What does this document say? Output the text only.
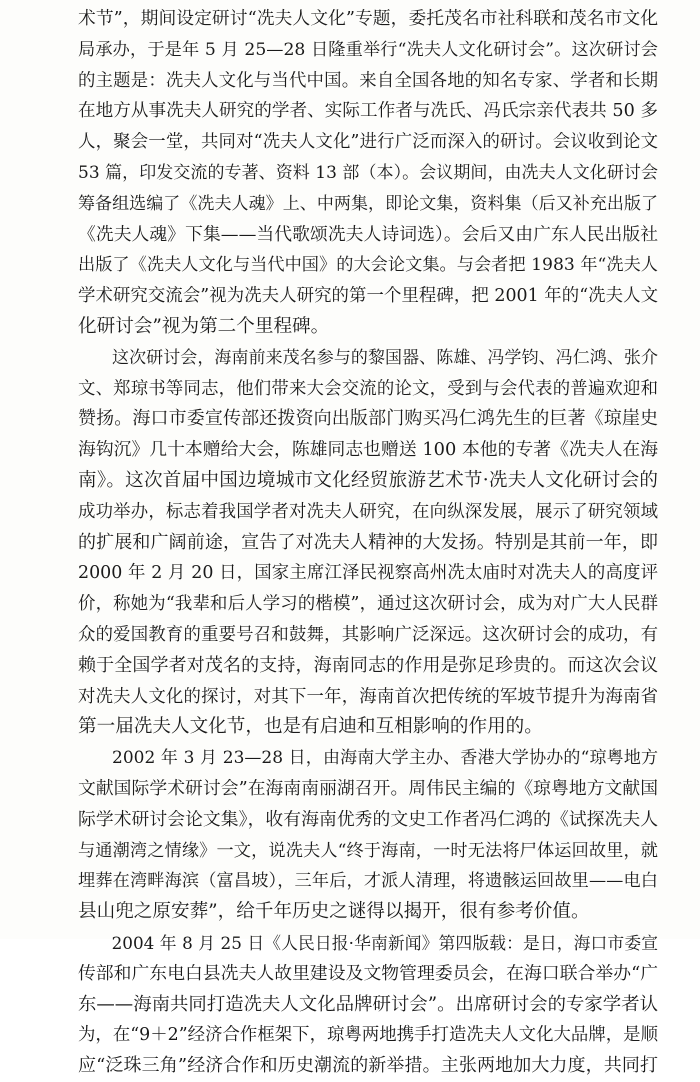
术节”，期间设定研讨“冼夫人文化”专题，委托茂名市社科联和茂名市文化
局承办，于是年 5 月 25—28 日隆重举行“冼夫人文化研讨会”。这次研讨会
的主题是：冼夫人文化与当代中国。来自全国各地的知名专家、学者和长期
在地方从事冼夫人研究的学者、实际工作者与冼氏、冯氏宗亲代表共 50 多
人，聚会一堂，共同对“冼夫人文化”进行广泛而深入的研讨。会议收到论文
53 篇，印发交流的专著、资料 13 部（本）。会议期间，由冼夫人文化研讨会
筹备组选编了《冼夫人魂》上、中两集，即论文集，资料集（后又补充出版了
《冼夫人魂》下集——当代歌颂冼夫人诗词选）。会后又由广东人民出版社
出版了《冼夫人文化与当代中国》的大会论文集。与会者把 1983 年“冼夫人
学术研究交流会”视为冼夫人研究的第一个里程碑，把 2001 年的“冼夫人文
化研讨会”视为第二个里程碑。
这次研讨会，海南前来茂名参与的黎国器、陈雄、冯学钧、冯仁鸿、张介
文、郑琼书等同志，他们带来大会交流的论文，受到与会代表的普遍欢迎和
赞扬。海口市委宣传部还拨资向出版部门购买冯仁鸿先生的巨著《琼崖史
海钩沉》几十本赠给大会，陈雄同志也赠送 100 本他的专著《冼夫人在海
南》。这次首届中国边境城市文化经贸旅游艺术节·冼夫人文化研讨会的
成功举办，标志着我国学者对冼夫人研究，在向纵深发展，展示了研究领域
的扩展和广阔前途，宣告了对冼夫人精神的大发扬。特别是其前一年，即
2000 年 2 月 20 日，国家主席江泽民视察高州冼太庙时对冼夫人的高度评
价，称她为“我辈和后人学习的楷模”，通过这次研讨会，成为对广大人民群
众的爱国教育的重要号召和鼓舞，其影响广泛深远。这次研讨会的成功，有
赖于全国学者对茂名的支持，海南同志的作用是弥足珍贵的。而这次会议
对冼夫人文化的探讨，对其下一年，海南首次把传统的军坡节提升为海南省
第一届冼夫人文化节，也是有启迪和互相影响的作用的。
2002 年 3 月 23—28 日，由海南大学主办、香港大学协办的“琼粤地方
文献国际学术研讨会”在海南南丽湖召开。周伟民主编的《琼粤地方文献国
际学术研讨会论文集》，收有海南优秀的文史工作者冯仁鸿的《试探冼夫人
与通潮湾之情缘》一文，说冼夫人“终于海南，一时无法将尸体运回故里，就
埋葬在湾畔海滨（富昌坡），三年后，才派人清理，将遗骸运回故里——电白
县山兜之原安葬”，给千年历史之谜得以揭开，很有参考价值。
2004 年 8 月 25 日《人民日报·华南新闻》第四版载：是日，海口市委宣
传部和广东电白县冼夫人故里建设及文物管理委员会，在海口联合举办“广
东——海南共同打造冼夫人文化品牌研讨会”。出席研讨会的专家学者认
为，在“9＋2”经济合作框架下，琼粤两地携手打造冼夫人文化大品牌，是顺
应“泛珠三角”经济合作和历史潮流的新举措。主张两地加大力度，共同打
